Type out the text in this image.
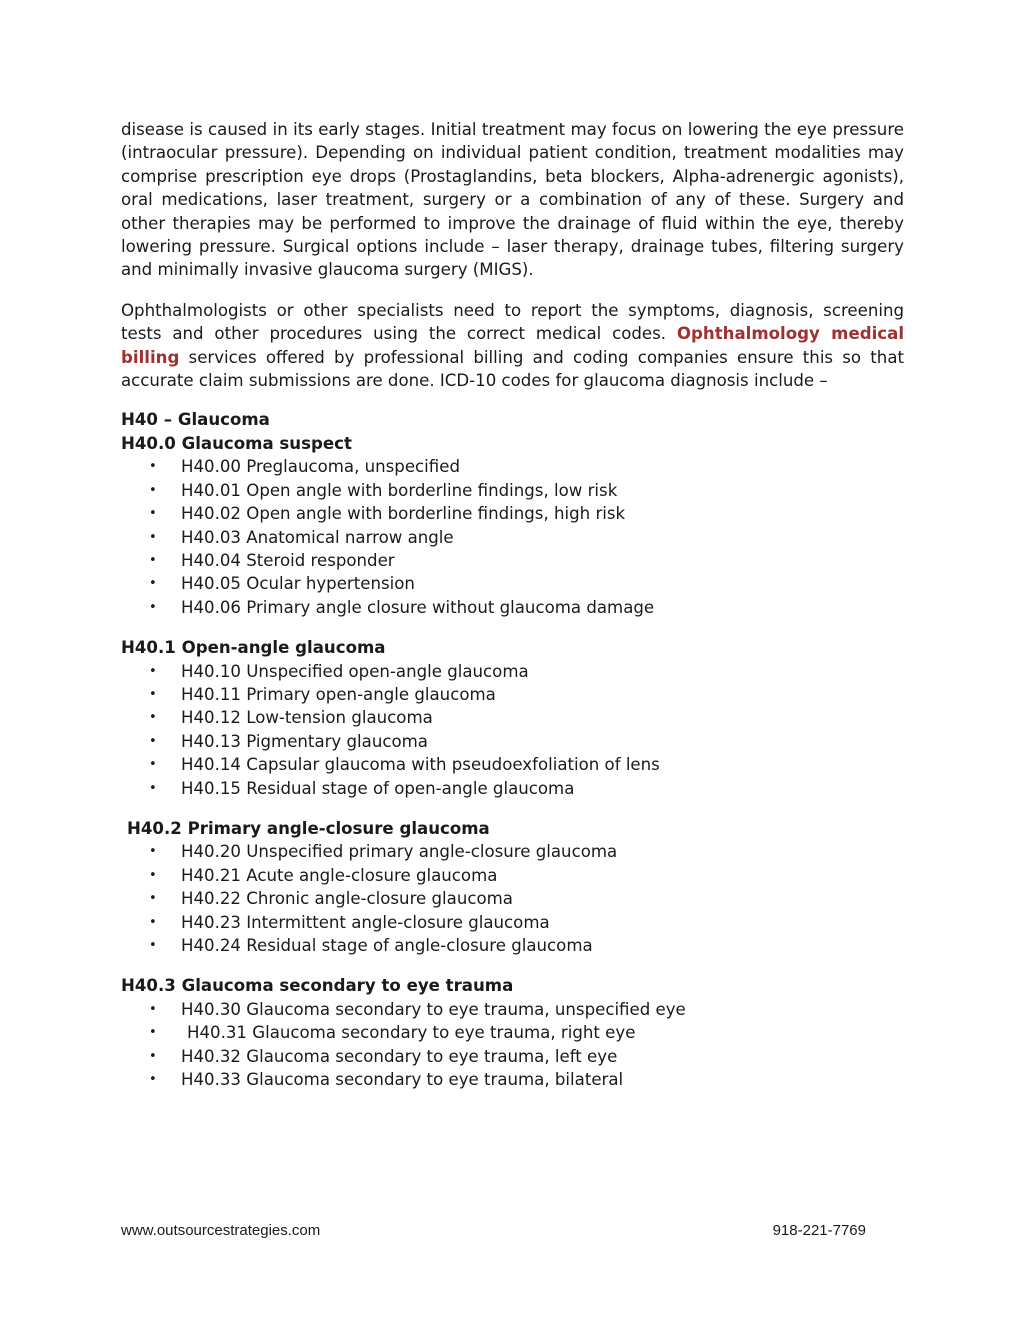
disease is caused in its early stages. Initial treatment may focus on lowering the eye pressure (intraocular pressure). Depending on individual patient condition, treatment modalities may comprise prescription eye drops (Prostaglandins, beta blockers, Alpha-adrenergic agonists), oral medications, laser treatment, surgery or a combination of any of these. Surgery and other therapies may be performed to improve the drainage of fluid within the eye, thereby lowering pressure. Surgical options include – laser therapy, drainage tubes, filtering surgery and minimally invasive glaucoma surgery (MIGS).

Ophthalmologists or other specialists need to report the symptoms, diagnosis, screening tests and other procedures using the correct medical codes. Ophthalmology medical billing services offered by professional billing and coding companies ensure this so that accurate claim submissions are done. ICD-10 codes for glaucoma diagnosis include –

H40 – Glaucoma
H40.0 Glaucoma suspect
• H40.00 Preglaucoma, unspecified
• H40.01 Open angle with borderline findings, low risk
• H40.02 Open angle with borderline findings, high risk
• H40.03 Anatomical narrow angle
• H40.04 Steroid responder
• H40.05 Ocular hypertension
• H40.06 Primary angle closure without glaucoma damage
H40.1 Open-angle glaucoma
• H40.10 Unspecified open-angle glaucoma
• H40.11 Primary open-angle glaucoma
• H40.12 Low-tension glaucoma
• H40.13 Pigmentary glaucoma
• H40.14 Capsular glaucoma with pseudoexfoliation of lens
• H40.15 Residual stage of open-angle glaucoma
H40.2 Primary angle-closure glaucoma
• H40.20 Unspecified primary angle-closure glaucoma
• H40.21 Acute angle-closure glaucoma
• H40.22 Chronic angle-closure glaucoma
• H40.23 Intermittent angle-closure glaucoma
• H40.24 Residual stage of angle-closure glaucoma
H40.3 Glaucoma secondary to eye trauma
• H40.30 Glaucoma secondary to eye trauma, unspecified eye
• H40.31 Glaucoma secondary to eye trauma, right eye
• H40.32 Glaucoma secondary to eye trauma, left eye
• H40.33 Glaucoma secondary to eye trauma, bilateral
www.outsourcestrategies.com	918-221-7769
